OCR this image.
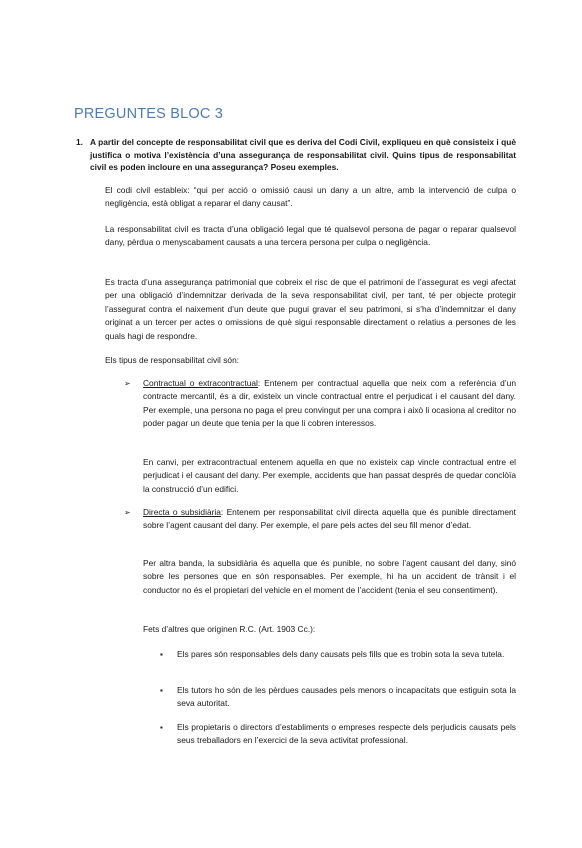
PREGUNTES BLOC 3
1. A partir del concepte de responsabilitat civil que es deriva del Codi Civil, expliqueu en què consisteix i què justifica o motiva l’existència d’una assegurança de responsabilitat civil. Quins tipus de responsabilitat civil es poden incloure en una assegurança? Poseu exemples.

El codi civil estableix: “qui per acció o omissió causi un dany a un altre, amb la intervenció de culpa o negligència, està obligat a reparar el dany causat”.

La responsabilitat civil es tracta d’una obligació legal que té qualsevol persona de pagar o reparar qualsevol dany, pèrdua o menyscabament causats a una tercera persona per culpa o negligència.

Es tracta d’una assegurança patrimonial que cobreix el risc de que el patrimoni de l’assegurat es vegi afectat per una obligació d’indemnitzar derivada de la seva responsabilitat civil, per tant, té per objecte protegir l’assegurat contra el naixement d’un deute que pugui gravar el seu patrimoni, si s’ha d’indemnitzar el dany originat a un tercer per actes o omissions de què sigui responsable directament o relatius a persones de les quals hagi de respondre.

Els tipus de responsabilitat civil són:

➢ Contractual o extracontractual: Entenem per contractual aquella que neix com a referència d’un contracte mercantil, és a dir, existeix un vincle contractual entre el perjudicat i el causant del dany. Per exemple, una persona no paga el preu convingut per una compra i això li ocasiona al creditor no poder pagar un deute que tenia per la que li cobren interessos.

En canvi, per extracontractual entenem aquella en que no existeix cap vincle contractual entre el perjudicat i el causant del dany. Per exemple, accidents que han passat després de quedar conclòïa la construcció d’un edifici.

➢ Directa o subsidiària: Entenem per responsabilitat civil directa aquella que és punible directament sobre l’agent causant del dany. Per exemple, el pare pels actes del seu fill menor d’edat.

Per altra banda, la subsidiària és aquella que és punible, no sobre l’agent causant del dany, sinó sobre les persones que en són responsables. Per exemple, hi ha un accident de trànsit i el conductor no és el propietari del vehicle en el moment de l’accident (tenia el seu consentiment).

Fets d’altres que originen R.C. (Art. 1903 Cc.):

▪ Els pares són responsables dels dany causats pels fills que es trobin sota la seva tutela.

▪ Els tutors ho són de les pèrdues causades pels menors o incapacitats que estiguin sota la seva autoritat.

▪ Els propietaris o directors d’establiments o empreses respecte dels perjudicis causats pels seus treballadors en l’exercici de la seva activitat professional.
